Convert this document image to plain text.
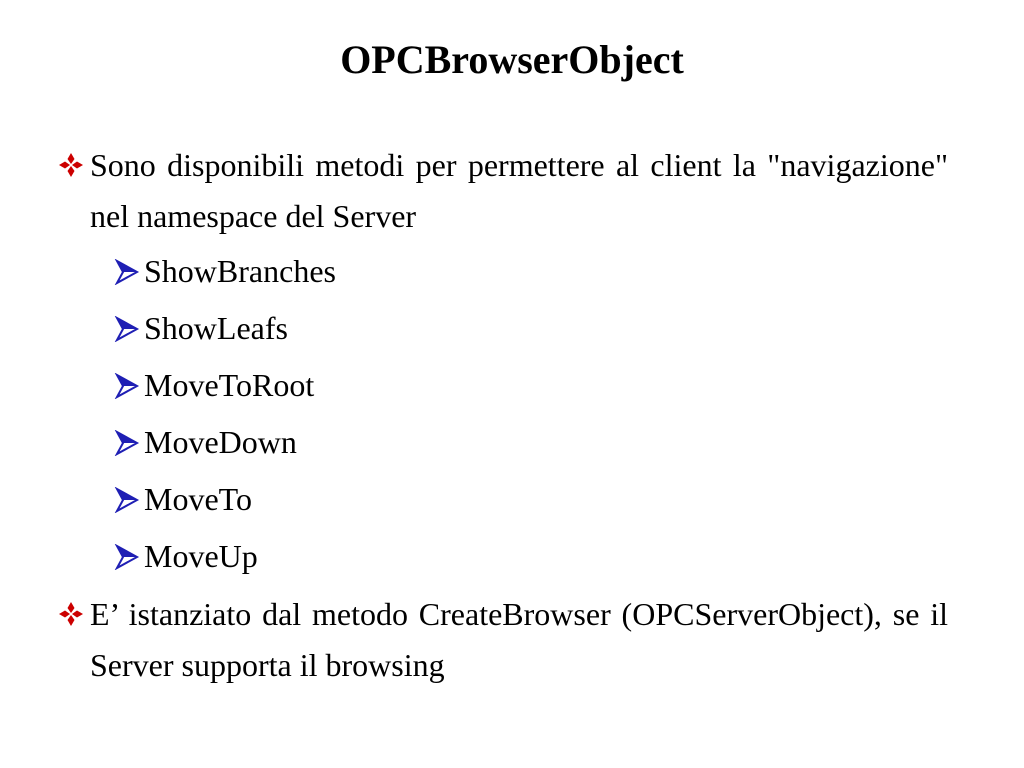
OPCBrowserObject
Sono disponibili metodi per permettere al client la "navigazione" nel namespace del Server
ShowBranches
ShowLeafs
MoveToRoot
MoveDown
MoveTo
MoveUp
E’ istanziato dal metodo CreateBrowser (OPCServerObject), se il Server supporta il browsing
